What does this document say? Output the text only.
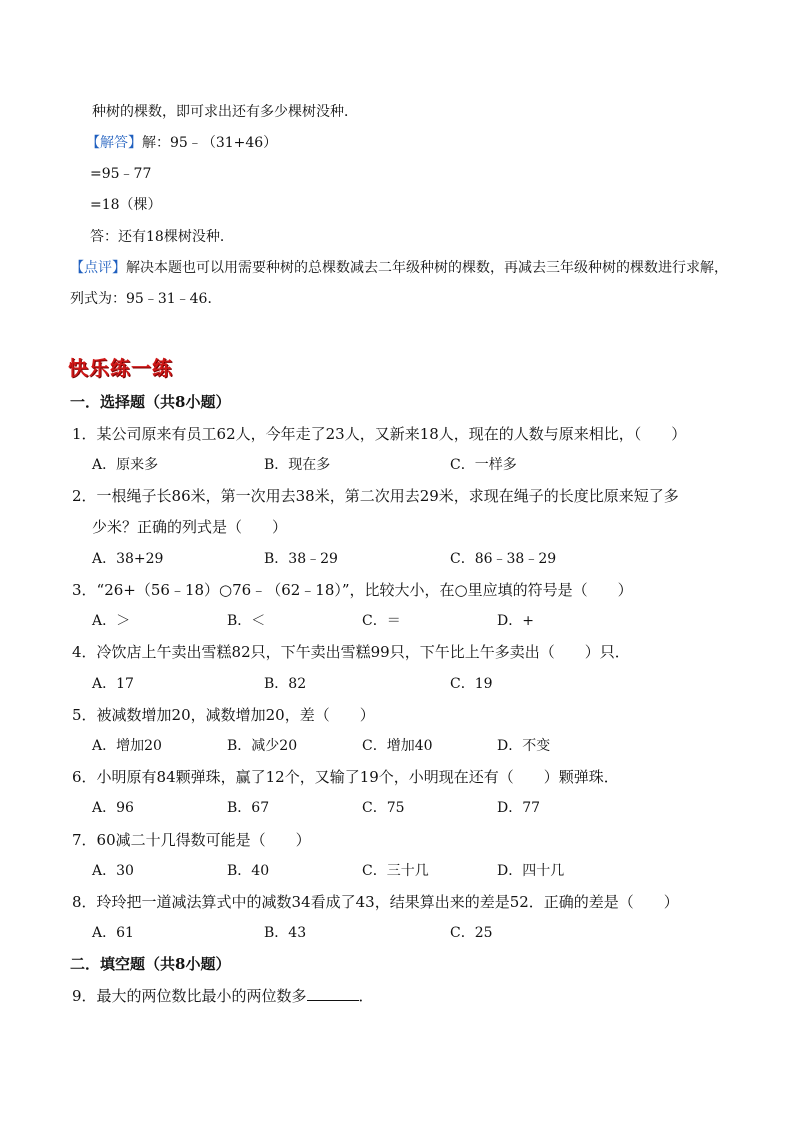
种树的棵数，即可求出还有多少棵树没种．
【解答】解：95﹣（31+46）
=95﹣77
=18（棵）
答：还有18棵树没种．
【点评】解决本题也可以用需要种树的总棵数减去二年级种树的棵数，再减去三年级种树的棵数进行求解，
列式为：95﹣31﹣46．
快乐练一练
一．选择题（共8小题）
1．某公司原来有员工62人，今年走了23人，又新来18人，现在的人数与原来相比，（　　）
A．原来多	B．现在多	C．一样多
2．一根绳子长86米，第一次用去38米，第二次用去29米，求现在绳子的长度比原来短了多
少米？正确的列式是（　　）
A．38+29	B．38﹣29	C．86﹣38﹣29
3．“26+（56﹣18）○76﹣（62﹣18）”，比较大小，在○里应填的符号是（　　）
A．＞	B．＜	C．＝	D．+
4．冷饮店上午卖出雪糕82只，下午卖出雪糕99只，下午比上午多卖出（　　）只．
A．17	B．82	C．19
5．被减数增加20，减数增加20，差（　　）
A．增加20	B．减少20	C．增加40	D．不变
6．小明原有84颗弹珠，赢了12个，又输了19个，小明现在还有（　　）颗弹珠．
A．96	B．67	C．75	D．77
7．60减二十几得数可能是（　　）
A．30	B．40	C．三十几	D．四十几
8．玲玲把一道减法算式中的减数34看成了43，结果算出来的差是52．正确的差是（　　）
A．61	B．43	C．25
二．填空题（共8小题）
9．最大的两位数比最小的两位数多	．
